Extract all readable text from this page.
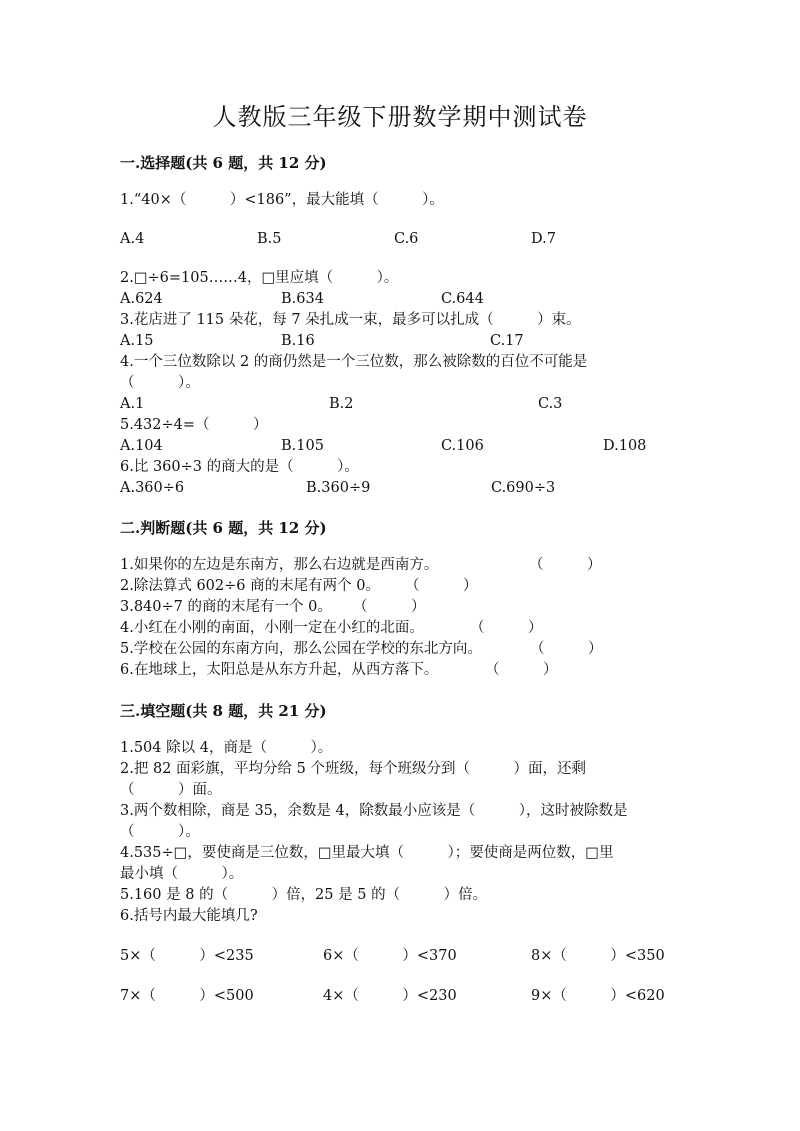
人教版三年级下册数学期中测试卷
一.选择题(共 6 题，共 12 分)
1.“40×（　　　）<186”，最大能填（　　　）。
A.4	B.5	C.6	D.7
2.□÷6=105……4，□里应填（　　　）。
A.624	B.634	C.644
3.花店进了 115 朵花，每 7 朵扎成一束，最多可以扎成（　　　）束。
A.15	B.16	C.17
4.一个三位数除以 2 的商仍然是一个三位数，那么被除数的百位不可能是
（　　　）。
A.1	B.2	C.3
5.432÷4=（　　　）
A.104	B.105	C.106	D.108
6.比 360÷3 的商大的是（　　　）。
A.360÷6	B.360÷9	C.690÷3
二.判断题(共 6 题，共 12 分)
1.如果你的左边是东南方，那么右边就是西南方。	（　　　）
2.除法算式 602÷6 商的末尾有两个 0。 （　　　）
3.840÷7 的商的末尾有一个 0。 （　　　）
4.小红在小刚的南面，小刚一定在小红的北面。	（　　　）
5.学校在公园的东南方向，那么公园在学校的东北方向。	（　　　）
6.在地球上，太阳总是从东方升起，从西方落下。	（　　　）
三.填空题(共 8 题，共 21 分)
1.504 除以 4，商是（　　　）。
2.把 82 面彩旗，平均分给 5 个班级，每个班级分到（　　　）面，还剩
（　　　）面。
3.两个数相除，商是 35，余数是 4，除数最小应该是（　　　），这时被除数是
（　　　）。
4.535÷□，要使商是三位数，□里最大填（　　　）；要使商是两位数，□里
最小填（　　　）。
5.160 是 8 的（　　　）倍，25 是 5 的（　　　）倍。
6.括号内最大能填几?
5×（　　　）<235	6×（　　　）<370	8×（　　　）<350
7×（　　　）<500	4×（　　　）<230	9×（　　　）<620
